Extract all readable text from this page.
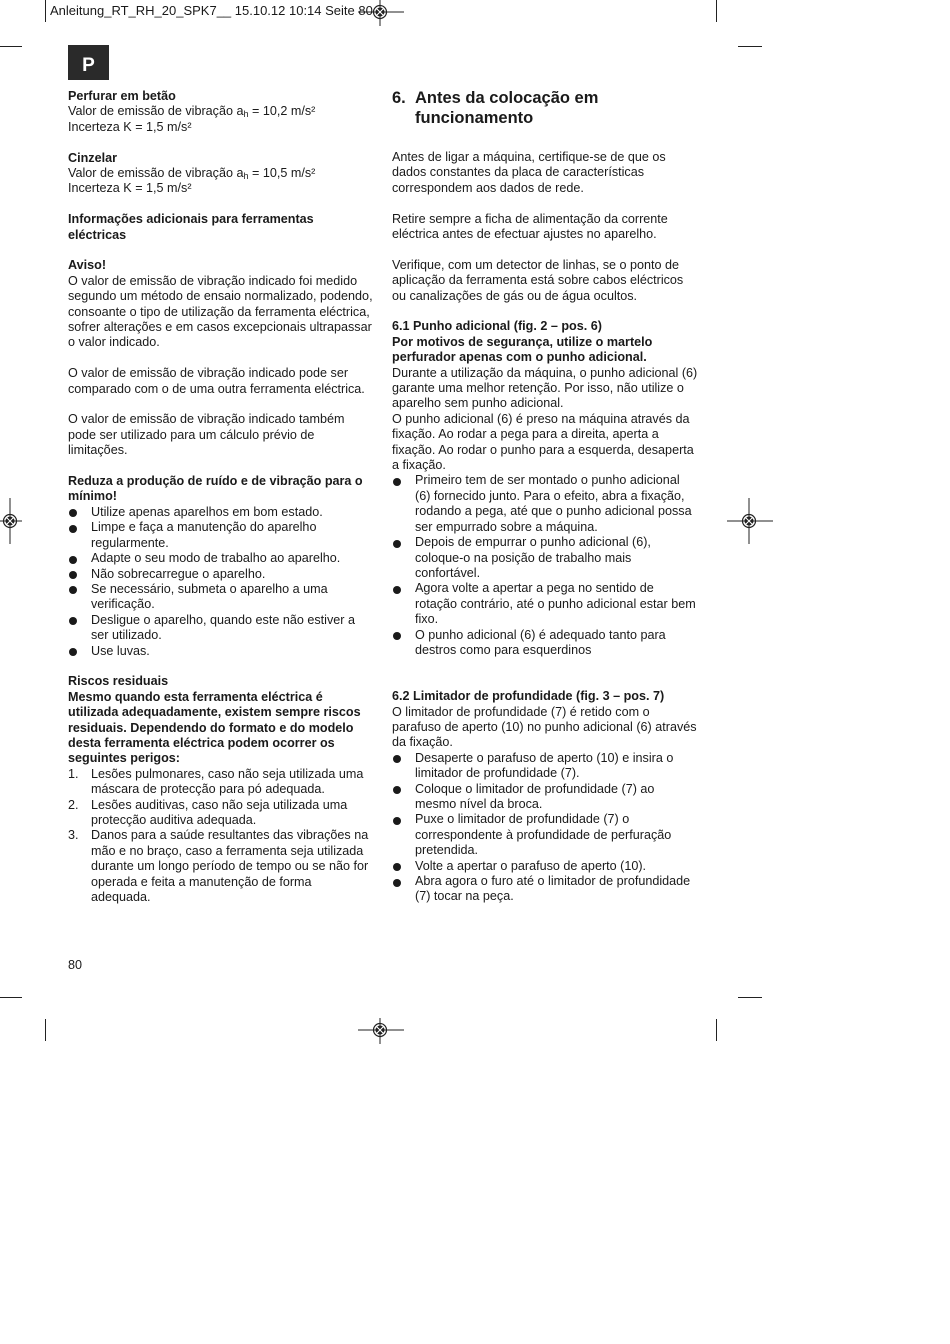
Anleitung_RT_RH_20_SPK7__ 15.10.12 10:14 Seite 80
P

Perfurar em betão

Valor de emissão de vibração $a_h = 10,2$ m/s²

Incerteza K = 1,5 m/s²

Cinzelar

Valor de emissão de vibração $a_h = 10,5$ m/s²

Incerteza K = 1,5 m/s²

Informações adicionais para ferramentas eléctricas

Aviso!

O valor de emissão de vibração indicado foi medido segundo um método de ensaio normalizado, podendo, consoante o tipo de utilização da ferramenta eléctrica, sofrer alterações e em casos excepcionais ultrapassar o valor indicado.

O valor de emissão de vibração indicado pode ser comparado com o de uma outra ferramenta eléctrica.

O valor de emissão de vibração indicado também pode ser utilizado para um cálculo prévio de limitações.

Reduza a produção de ruído e de vibração para o mínimo!

Utilize apenas aparelhos em bom estado.
Limpe e faça a manutenção do aparelho regularmente.
Adapte o seu modo de trabalho ao aparelho.
Não sobrecarregue o aparelho.
Se necessário, submeta o aparelho a uma verificação.
Desligue o aparelho, quando este não estiver a ser utilizado.
Use luvas.

Riscos residuais

Mesmo quando esta ferramenta eléctrica é utilizada adequadamente, existem sempre riscos residuais. Dependendo do formato e do modelo desta ferramenta eléctrica podem ocorrer os seguintes perigos:

1. Lesões pulmonares, caso não seja utilizada uma máscara de protecção para pó adequada.
2. Lesões auditivas, caso não seja utilizada uma protecção auditiva adequada.
3. Danos para a saúde resultantes das vibrações na mão e no braço, caso a ferramenta seja utilizada durante um longo período de tempo ou se não for operada e feita a manutenção de forma adequada.
6. Antes da colocação em funcionamento

Antes de ligar a máquina, certifique-se de que os dados constantes da placa de características correspondem aos dados de rede.

Retire sempre a ficha de alimentação da corrente eléctrica antes de efectuar ajustes no aparelho.

Verifique, com um detector de linhas, se o ponto de aplicação da ferramenta está sobre cabos eléctricos ou canalizações de gás ou de água ocultos.

6.1 Punho adicional (fig. 2 – pos. 6)

Por motivos de segurança, utilize o martelo perfurador apenas com o punho adicional.

Durante a utilização da máquina, o punho adicional (6) garante uma melhor retenção. Por isso, não utilize o aparelho sem punho adicional.

O punho adicional (6) é preso na máquina através da fixação. Ao rodar a pega para a direita, aperta a fixação. Ao rodar o punho para a esquerda, desaperta a fixação.

Primeiro tem de ser montado o punho adicional (6) fornecido junto. Para o efeito, abra a fixação, rodando a pega, até que o punho adicional possa ser empurrado sobre a máquina.
Depois de empurrar o punho adicional (6), coloque-o na posição de trabalho mais confortável.
Agora volte a apertar a pega no sentido de rotação contrário, até o punho adicional estar bem fixo.
O punho adicional (6) é adequado tanto para destros como para esquerdinos

6.2 Limitador de profundidade (fig. 3 – pos. 7)

O limitador de profundidade (7) é retido com o parafuso de aperto (10) no punho adicional (6) através da fixação.

Desaperte o parafuso de aperto (10) e insira o limitador de profundidade (7).
Coloque o limitador de profundidade (7) ao mesmo nível da broca.
Puxe o limitador de profundidade (7) o correspondente à profundidade de perfuração pretendida.
Volte a apertar o parafuso de aperto (10).
Abra agora o furo até o limitador de profundidade (7) tocar na peça.
80
